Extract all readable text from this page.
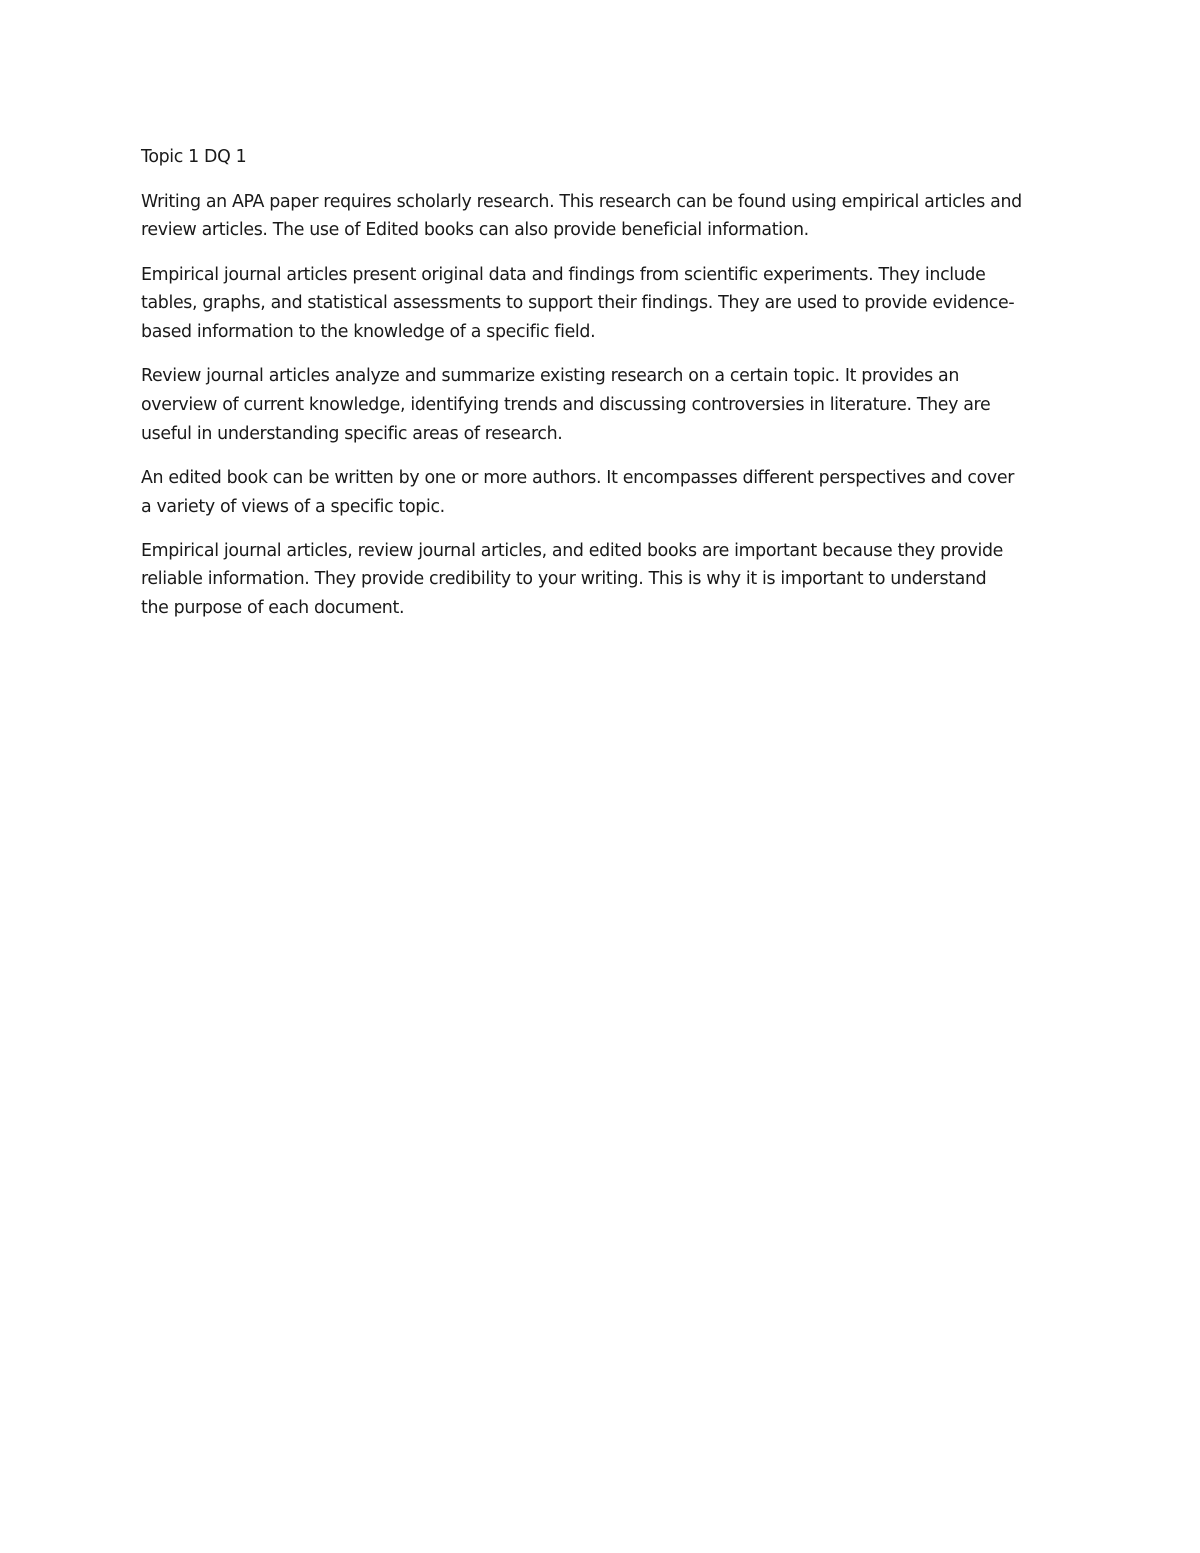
Topic 1 DQ 1

Writing an APA paper requires scholarly research. This research can be found using empirical articles and
review articles. The use of Edited books can also provide beneficial information.

Empirical journal articles present original data and findings from scientific experiments. They include
tables, graphs, and statistical assessments to support their findings. They are used to provide evidence-
based information to the knowledge of a specific field.

Review journal articles analyze and summarize existing research on a certain topic. It provides an
overview of current knowledge, identifying trends and discussing controversies in literature. They are
useful in understanding specific areas of research.

An edited book can be written by one or more authors. It encompasses different perspectives and cover
a variety of views of a specific topic.

Empirical journal articles, review journal articles, and edited books are important because they provide
reliable information. They provide credibility to your writing. This is why it is important to understand
the purpose of each document.
